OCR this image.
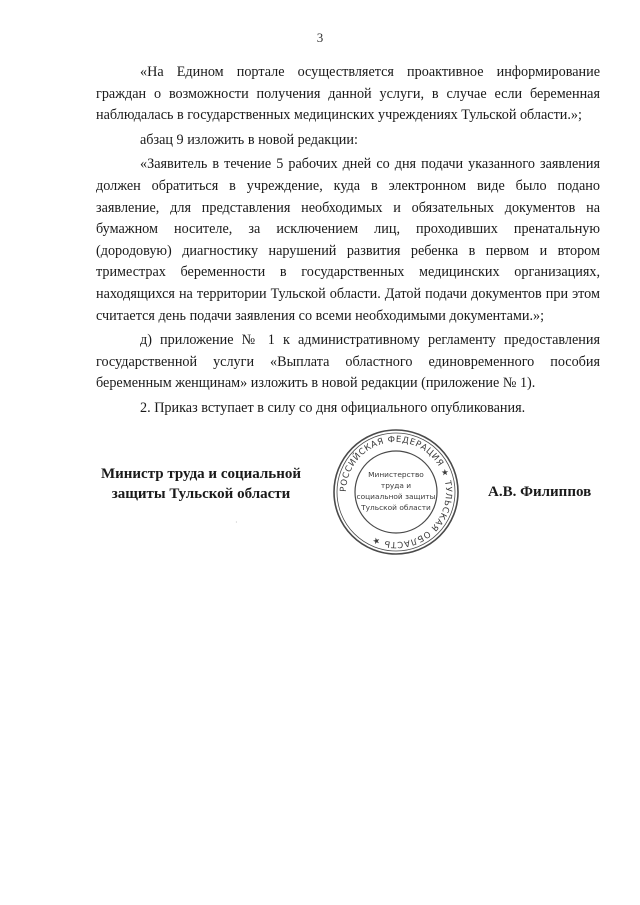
3

«На Едином портале осуществляется проактивное информирование граждан о возможности получения данной услуги, в случае если беременная наблюдалась в государственных медицинских учреждениях Тульской области.»;

абзац 9 изложить в новой редакции:

«Заявитель в течение 5 рабочих дней со дня подачи указанного заявления должен обратиться в учреждение, куда в электронном виде было подано заявление, для представления необходимых и обязательных документов на бумажном носителе, за исключением лиц, проходивших пренатальную (дородовую) диагностику нарушений развития ребенка в первом и втором триместрах беременности в государственных медицинских организациях, находящихся на территории Тульской области. Датой подачи документов при этом считается день подачи заявления со всеми необходимыми документами.»;

д) приложение № 1 к административному регламенту предоставления государственной услуги «Выплата областного единовременного пособия беременным женщинам» изложить в новой редакции (приложение № 1).

2. Приказ вступает в силу со дня официального опубликования.

Министр труда и социальной
защиты Тульской области	РОССИЙСКАЯ ФЕДЕРАЦИЯ ★ ТУЛЬСКАЯ ОБЛАСТЬ ★
Министерство
труда и
социальной защиты
Тульской области
А.В. Филиппов
·
